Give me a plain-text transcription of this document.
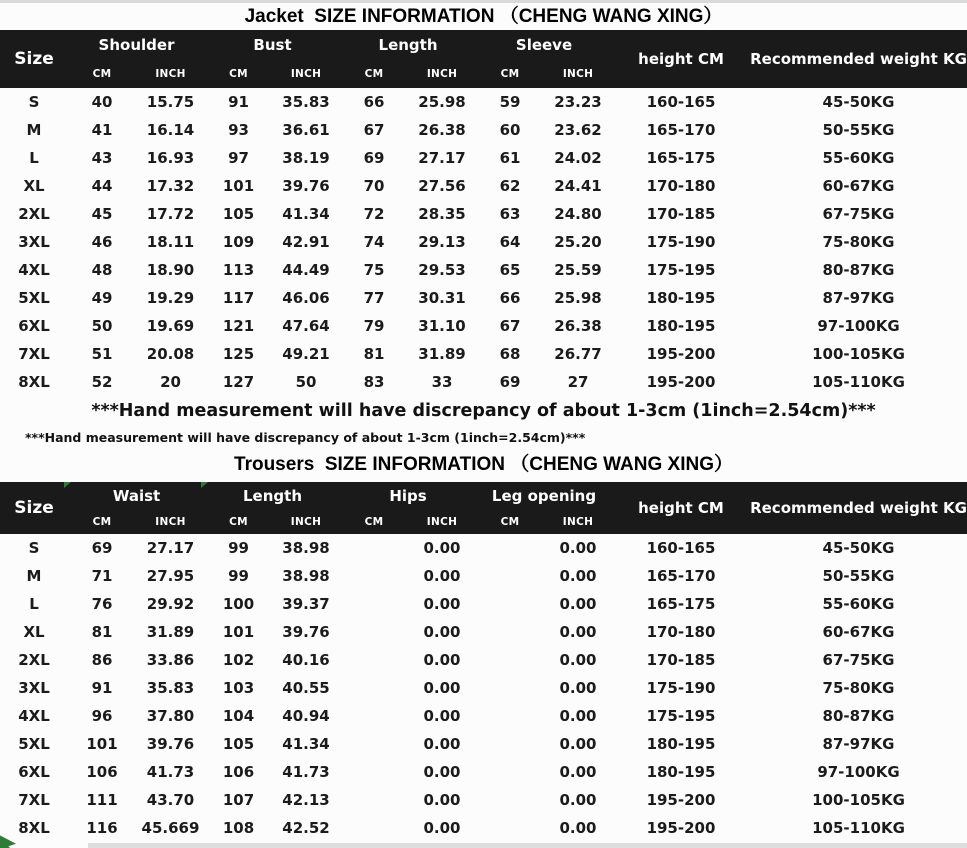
Jacket  SIZE INFORMATION （CHENG WANG XING）
Size	Shoulder		Bust		Length		Sleeve		height CM	Recommended weight KG
	CM	INCH	CM	INCH	CM	INCH	CM	INCH		
S	40	15.75	91	35.83	66	25.98	59	23.23	160-165	45-50KG
M	41	16.14	93	36.61	67	26.38	60	23.62	165-170	50-55KG
L	43	16.93	97	38.19	69	27.17	61	24.02	165-175	55-60KG
XL	44	17.32	101	39.76	70	27.56	62	24.41	170-180	60-67KG
2XL	45	17.72	105	41.34	72	28.35	63	24.80	170-185	67-75KG
3XL	46	18.11	109	42.91	74	29.13	64	25.20	175-190	75-80KG
4XL	48	18.90	113	44.49	75	29.53	65	25.59	175-195	80-87KG
5XL	49	19.29	117	46.06	77	30.31	66	25.98	180-195	87-97KG
6XL	50	19.69	121	47.64	79	31.10	67	26.38	180-195	97-100KG
7XL	51	20.08	125	49.21	81	31.89	68	26.77	195-200	100-105KG
8XL	52	20	127	50	83	33	69	27	195-200	105-110KG
***Hand measurement will have discrepancy of about 1-3cm (1inch=2.54cm)***
***Hand measurement will have discrepancy of about 1-3cm (1inch=2.54cm)***
Trousers  SIZE INFORMATION （CHENG WANG XING）
Size	Waist		Length		Hips		Leg opening		height CM	Recommended weight KG
	CM	INCH	CM	INCH	CM	INCH	CM	INCH		
S	69	27.17	99	38.98		0.00		0.00	160-165	45-50KG
M	71	27.95	99	38.98		0.00		0.00	165-170	50-55KG
L	76	29.92	100	39.37		0.00		0.00	165-175	55-60KG
XL	81	31.89	101	39.76		0.00		0.00	170-180	60-67KG
2XL	86	33.86	102	40.16		0.00		0.00	170-185	67-75KG
3XL	91	35.83	103	40.55		0.00		0.00	175-190	75-80KG
4XL	96	37.80	104	40.94		0.00		0.00	175-195	80-87KG
5XL	101	39.76	105	41.34		0.00		0.00	180-195	87-97KG
6XL	106	41.73	106	41.73		0.00		0.00	180-195	97-100KG
7XL	111	43.70	107	42.13		0.00		0.00	195-200	100-105KG
8XL	116	45.669	108	42.52		0.00		0.00	195-200	105-110KG
